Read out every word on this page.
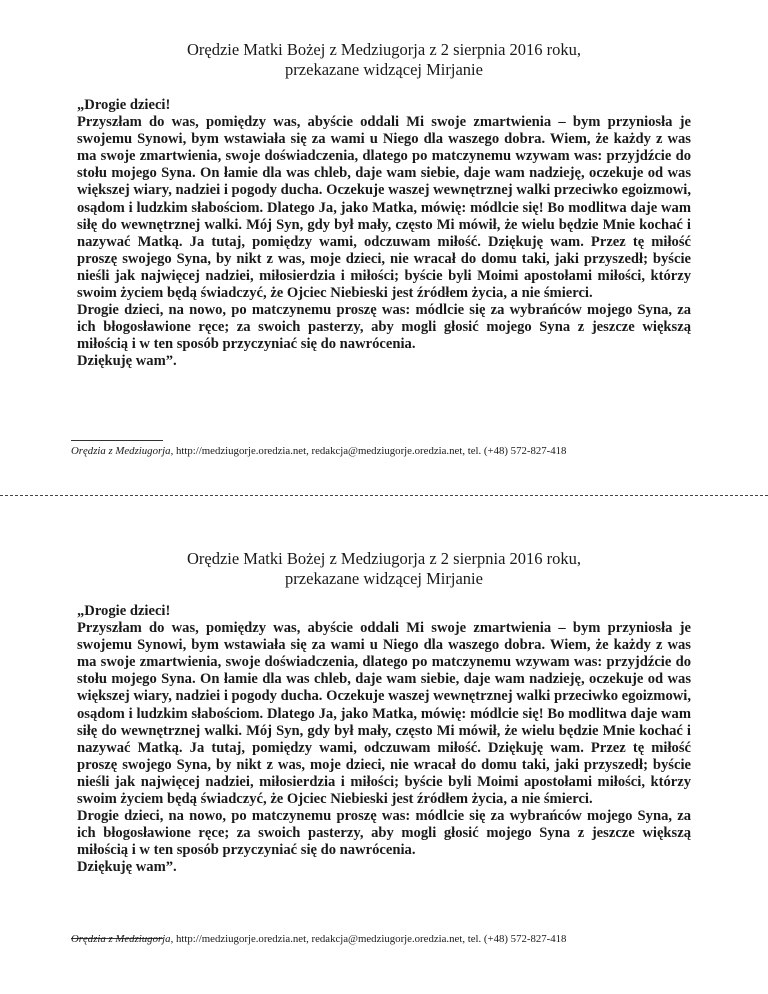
Orędzie Matki Bożej z Medziugorja z 2 sierpnia 2016 roku,
przekazane widzącej Mirjanie
„Drogie dzieci!
Przyszłam do was, pomiędzy was, abyście oddali Mi swoje zmartwienia – bym przyniosła je swojemu Synowi, bym wstawiała się za wami u Niego dla waszego dobra. Wiem, że każdy z was ma swoje zmartwienia, swoje doświadczenia, dlatego po matczynemu wzywam was: przyjdźcie do stołu mojego Syna. On łamie dla was chleb, daje wam siebie, daje wam nadzieję, oczekuje od was większej wiary, nadziei i pogody ducha. Oczekuje waszej wewnętrznej walki przeciwko egoizmowi, osądom i ludzkim słabościom. Dlatego Ja, jako Matka, mówię: módlcie się! Bo modlitwa daje wam siłę do wewnętrznej walki. Mój Syn, gdy był mały, często Mi mówił, że wielu będzie Mnie kochać i nazywać Matką. Ja tutaj, pomiędzy wami, odczuwam miłość. Dziękuję wam. Przez tę miłość proszę swojego Syna, by nikt z was, moje dzieci, nie wracał do domu taki, jaki przyszedł; byście nieśli jak najwięcej nadziei, miłosierdzia i miłości; byście byli Moimi apostołami miłości, którzy swoim życiem będą świadczyć, że Ojciec Niebieski jest źródłem życia, a nie śmierci.
Drogie dzieci, na nowo, po matczynemu proszę was: módlcie się za wybrańców mojego Syna, za ich błogosławione ręce; za swoich pasterzy, aby mogli głosić mojego Syna z jeszcze większą miłością i w ten sposób przyczyniać się do nawrócenia.
Dziękuję wam”.
Orędzia z Medziugorja, http://medziugorje.oredzia.net, redakcja@medziugorje.oredzia.net, tel. (+48) 572-827-418
Orędzie Matki Bożej z Medziugorja z 2 sierpnia 2016 roku,
przekazane widzącej Mirjanie
„Drogie dzieci!
Przyszłam do was, pomiędzy was, abyście oddali Mi swoje zmartwienia – bym przyniosła je swojemu Synowi, bym wstawiała się za wami u Niego dla waszego dobra. Wiem, że każdy z was ma swoje zmartwienia, swoje doświadczenia, dlatego po matczynemu wzywam was: przyjdźcie do stołu mojego Syna. On łamie dla was chleb, daje wam siebie, daje wam nadzieję, oczekuje od was większej wiary, nadziei i pogody ducha. Oczekuje waszej wewnętrznej walki przeciwko egoizmowi, osądom i ludzkim słabościom. Dlatego Ja, jako Matka, mówię: módlcie się! Bo modlitwa daje wam siłę do wewnętrznej walki. Mój Syn, gdy był mały, często Mi mówił, że wielu będzie Mnie kochać i nazywać Matką. Ja tutaj, pomiędzy wami, odczuwam miłość. Dziękuję wam. Przez tę miłość proszę swojego Syna, by nikt z was, moje dzieci, nie wracał do domu taki, jaki przyszedł; byście nieśli jak najwięcej nadziei, miłosierdzia i miłości; byście byli Moimi apostołami miłości, którzy swoim życiem będą świadczyć, że Ojciec Niebieski jest źródłem życia, a nie śmierci.
Drogie dzieci, na nowo, po matczynemu proszę was: módlcie się za wybrańców mojego Syna, za ich błogosławione ręce; za swoich pasterzy, aby mogli głosić mojego Syna z jeszcze większą miłością i w ten sposób przyczyniać się do nawrócenia.
Dziękuję wam”.
Orędzia z Medziugorja, http://medziugorje.oredzia.net, redakcja@medziugorje.oredzia.net, tel. (+48) 572-827-418
